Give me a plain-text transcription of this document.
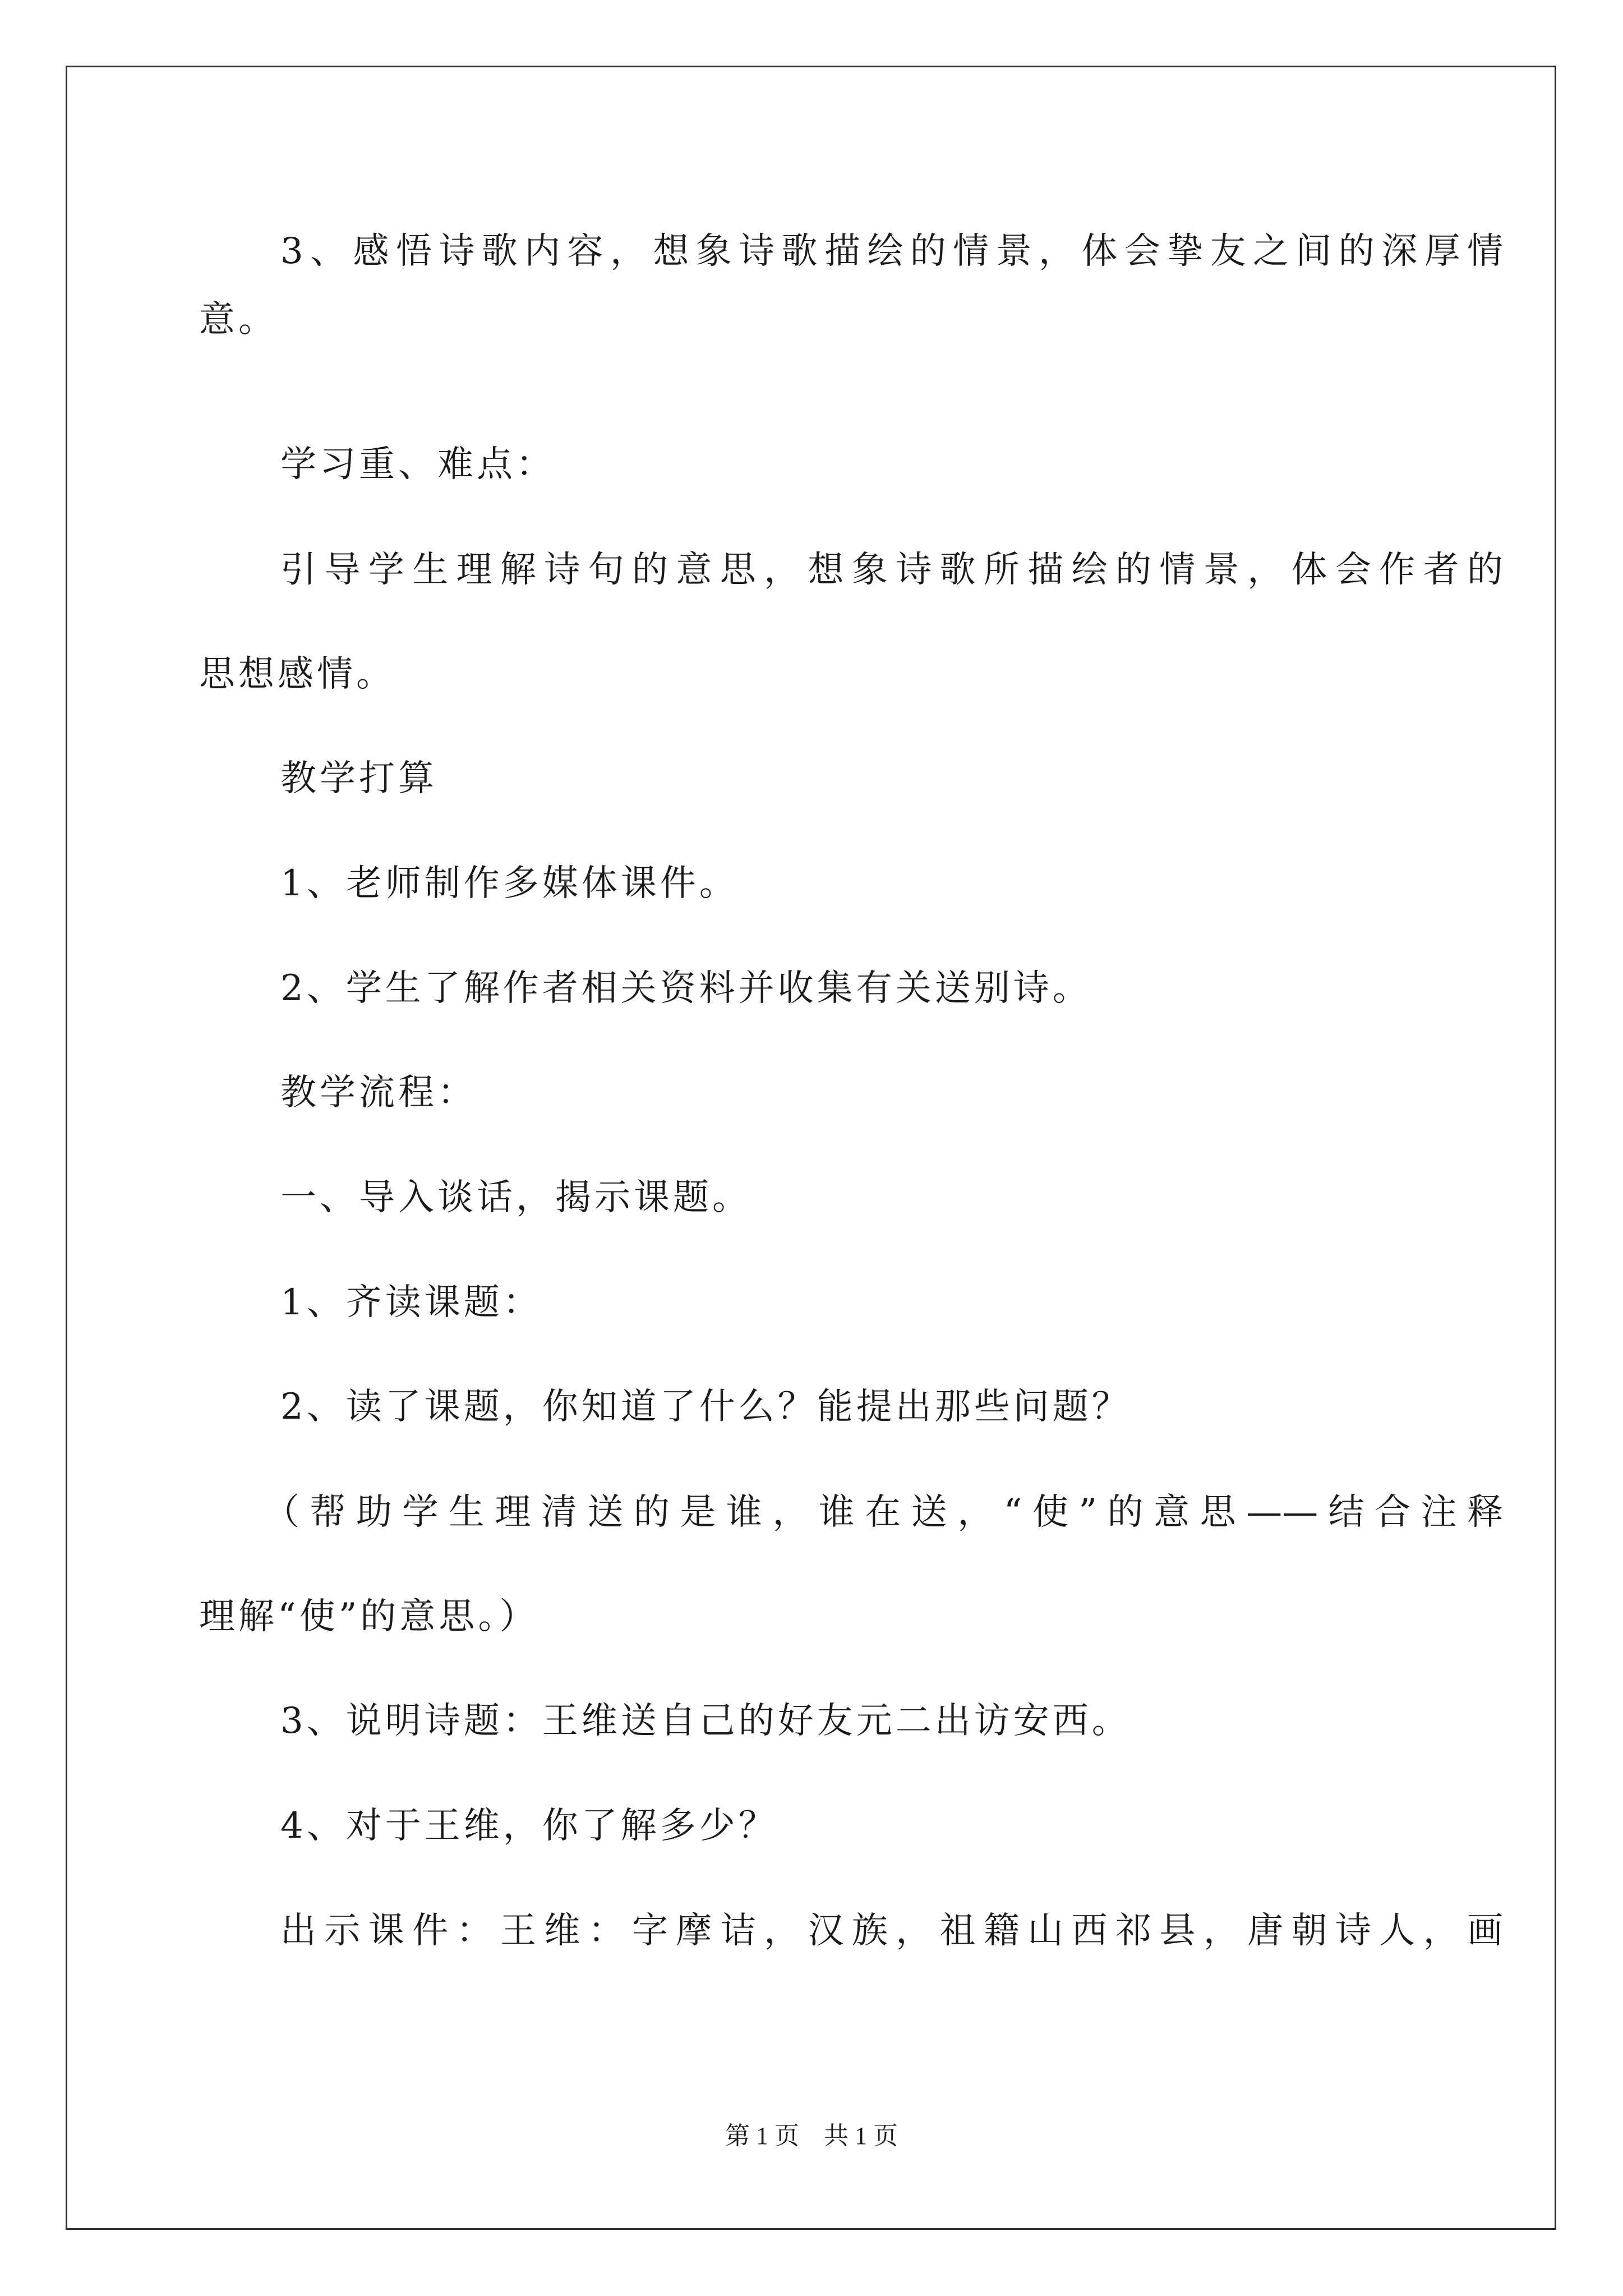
3、感悟诗歌内容，想象诗歌描绘的情景，体会挚友之间的深厚情
意。
学习重、难点：
引导学生理解诗句的意思，想象诗歌所描绘的情景，体会作者的
思想感情。
教学打算
1、老师制作多媒体课件。
2、学生了解作者相关资料并收集有关送别诗。
教学流程：
一、导入谈话，揭示课题。
1、齐读课题：
2、读了课题，你知道了什么？能提出那些问题？
（帮助学生理清送的是谁，谁在送，“使”的意思——结合注释
理解“使”的意思。）
3、说明诗题：王维送自己的好友元二出访安西。
4、对于王维，你了解多少？
出示课件：王维：字摩诘，汉族，祖籍山西祁县，唐朝诗人，画
第 1 页　共 1 页
